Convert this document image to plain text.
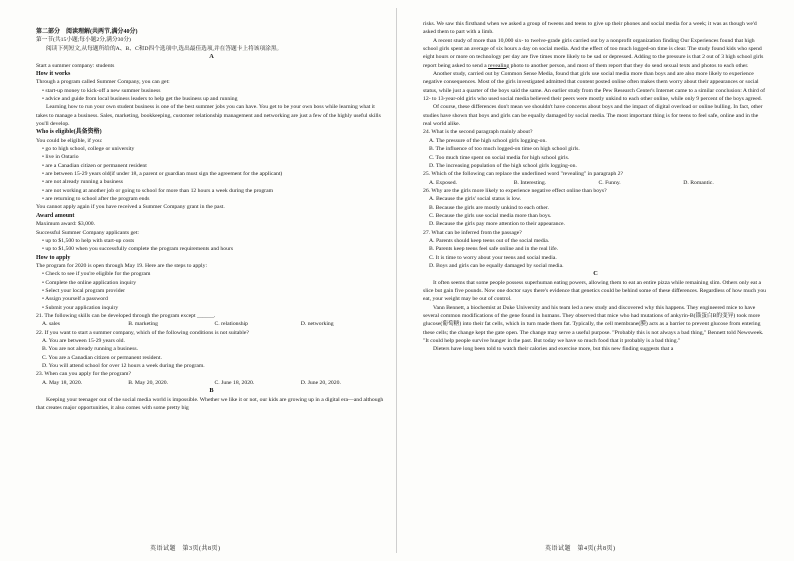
第二部分　阅读理解(共两节,满分40分)
第一节(共15小题;每小题2分,满分30分)
阅读下列短文,从每题所给的A、B、C和D四个选项中,选出最佳选项,并在答题卡上将该项涂黑。
A
Start a summer company: students
How it works
Through a program called Summer Company, you can get:
• start-up money to kick-off a new summer business
• advice and guide from local business leaders to help get the business up and running

Learning how to run your own student business is one of the best summer jobs you can have. You get to be your own boss while learning what it takes to manage a business. Sales, marketing, bookkeeping, customer relationship management and networking are just a few of the highly useful skills you'll develop.

Who is eligible(具备资格)
You could be eligible, if you:
• go to high school, college or university
• live in Ontario
• are a Canadian citizen or permanent resident
• are between 15-29 years old(if under 18, a parent or guardian must sign the agreement for the applicant)
• are not already running a business
• are not working at another job or going to school for more than 12 hours a week during the program
• are returning to school after the program ends
You cannot apply again if you have received a Summer Company grant in the past.
Award amount
Maximum award: $3,000.
Successful Summer Company applicants get:
• up to $1,500 to help with start-up costs
• up to $1,500 when you successfully complete the program requirements and hours
How to apply
The program for 2020 is open through May 19. Here are the steps to apply:
• Check to see if you're eligible for the program
• Complete the online application inquiry
• Select your local program provider
• Assign yourself a password
• Submit your application inquiry
21. The following skills can be developed through the program except ______.
A. sales	B. marketing	C. relationship	D. networking
22. If you want to start a summer company, which of the following conditions is not suitable?
A. You are between 15-29 years old.
B. You are not already running a business.
C. You are a Canadian citizen or permanent resident.
D. You will attend school for over 12 hours a week during the program.
23. When can you apply for the program?
A. May 18, 2020.	B. May 20, 2020.	C. June 18, 2020.	D. June 20, 2020.
B

Keeping your teenager out of the social media world is impossible. Whether we like it or not, our kids are growing up in a digital era—and although that creates major opportunities, it also comes with some pretty big

英语试题　第3页(共8页)

risks. We saw this firsthand when we asked a group of tweens and teens to give up their phones and social media for a week; it was as though we'd asked them to part with a limb.

A recent study of more than 10,000 six- to twelve-grade girls carried out by a nonprofit organization finding Our Experiences found that high school girls spent an average of six hours a day on social media. And the effect of too much logged-on time is clear. The study found kids who spend eight hours or more on technology per day are five times more likely to be sad or depressed. Adding to the pressure is that 2 out of 3 high school girls report being asked to send a revealing photo to another person, and most of them report that they do send sexual texts and photos to each other.

Another study, carried out by Common Sense Media, found that girls use social media more than boys and are also more likely to experience negative consequences. Most of the girls investigated admitted that content posted online often makes them worry about their appearances or social status, while just a quarter of the boys said the same. An earlier study from the Pew Research Center's Internet came to a similar conclusion: A third of 12- to 13-year-old girls who used social media believed their peers were mostly unkind to each other online, while only 9 percent of the boys agreed.

Of course, these differences don't mean we shouldn't have concerns about boys and the impact of digital overload or online bulling. In fact, other studies have shown that boys and girls can be equally damaged by social media. The most important thing is for teens to feel safe, online and in the real world alike.

24. What is the second paragraph mainly about?
A. The pressure of the high school girls logging-on.
B. The influence of too much logged-on time on high school girls.
C. Too much time spent on social media for high school girls.
D. The increasing population of the high school girls logging-on.
25. Which of the following can replace the underlined word "revealing" in paragraph 2?
A. Exposed.	B. Interesting.	C. Funny.	D. Romantic.
26. Why are the girls more likely to experience negative effect online than boys?
A. Because the girls' social status is low.
B. Because the girls are mostly unkind to each other.
C. Because the girls use social media more than boys.
D. Because the girls pay more attention to their appearance.
27. What can be inferred from the passage?
A. Parents should keep teens out of the social media.
B. Parents keep teens feel safe online and in the real life.
C. It is time to worry about your teens and social media.
D. Boys and girls can be equally damaged by social media.
C

It often seems that some people possess superhuman eating powers, allowing them to eat an entire pizza while remaining slim. Others only eat a slice but gain five pounds. Now one doctor says there's evidence that genetics could be behind some of these differences. Regardless of how much you eat, your weight may be out of control.

Vann Bennett, a biochemist at Duke University and his team led a new study and discovered why this happens. They engineered mice to have several common modifications of the gene found in humans. They observed that mice who had mutations of ankyrin-B(锚蛋白B的变异) took more glucose(葡萄糖) into their fat cells, which in turn made them fat. Typically, the cell membrane(膜) acts as a barrier to prevent glucose from entering these cells; the change kept the gate open. The change may serve a useful purpose. "Probably this is not always a bad thing," Bennett told Newsweek. "It could help people survive hunger in the past. But today we have so much food that it probably is a bad thing."

Dieters have long been told to watch their calories and exercise more, but this new finding suggests that a

英语试题　第4页(共8页)
